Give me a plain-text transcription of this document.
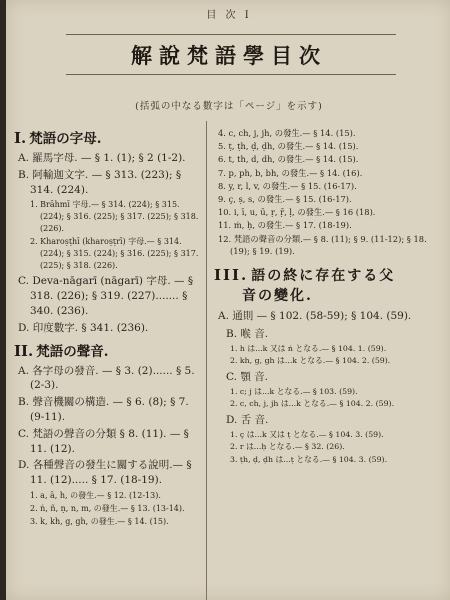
目 次 I
解說梵語學目次
(括弧の中なる數字は「ページ」を示す)
I. 梵語の字母.
A. 羅馬字母. — § 1. (1); § 2 (1-2).
B. 阿輸迦文字. — § 313. (223); § 314. (224).
1. Brāhmī 字母.— § 314. (224); § 315. (224); § 316. (225); § 317. (225); § 318. (226).
2. Kharoṣṭhī (kharoṣṭrī) 字母.— § 314. (224); § 315. (224); § 316. (225); § 317. (225); § 318. (226).
C. Deva-nāgarī (nāgarī) 字母. — § 318. (226); § 319. (227)....... § 340. (236).
D. 印度數字. § 341. (236).
II. 梵語の聲音.
A. 各字母の發音. — § 3. (2)...... § 5. (2-3).
B. 聲音機關の構造. — § 6. (8); § 7. (9-11).
C. 梵語の聲音の分類 § 8. (11). — § 11. (12).
D. 各種聲音の發生に關する說明.— § 11. (12)..... § 17. (18-19).
1. a, ā, h, の發生.— § 12. (12-13).
2. ṅ, ñ, ṇ, n, m, の發生.— § 13. (13-14).
3. k, kh, g, gh, の發生.— § 14. (15).
4. c, ch, j, jh, の發生.— § 14. (15).
5. ṭ, ṭh, ḍ, ḍh, の發生.— § 14. (15).
6. t, th, d, dh, の發生.— § 14. (15).
7. p, ph, b, bh, の發生.— § 14. (16).
8. y, r, l, v, の發生.— § 15. (16-17).
9. ç, ṣ, s, の發生.— § 15. (16-17).
10. i, ī, u, ū, ṛ, ṝ, ḷ, の發生.— § 16 (18).
11. ṁ, ḥ, の發生.— § 17. (18-19).
12. 梵語の聲音の分類.— § 8. (11); § 9. (11-12); § 18. (19); § 19. (19).
III. 語の終に存在する父
音の變化.
A. 通則 — § 102. (58-59); § 104. (59).
B. 喉 音.
1. h は...k 又は ṅ となる.— § 104. 1. (59).
2. kh, g, gh は...k となる.— § 104. 2. (59).
C. 顎 音.
1. c; j は...k となる.— § 103. (59).
2. c, ch, j, jh は...k となる.— § 104. 2. (59).
D. 舌 音.
1. ç は...k 又は ṭ となる.— § 104. 3. (59).
2. r は...ḥ となる.— § 32. (26).
3. ṭh, ḍ, ḍh は...ṭ となる.— § 104. 3. (59).
